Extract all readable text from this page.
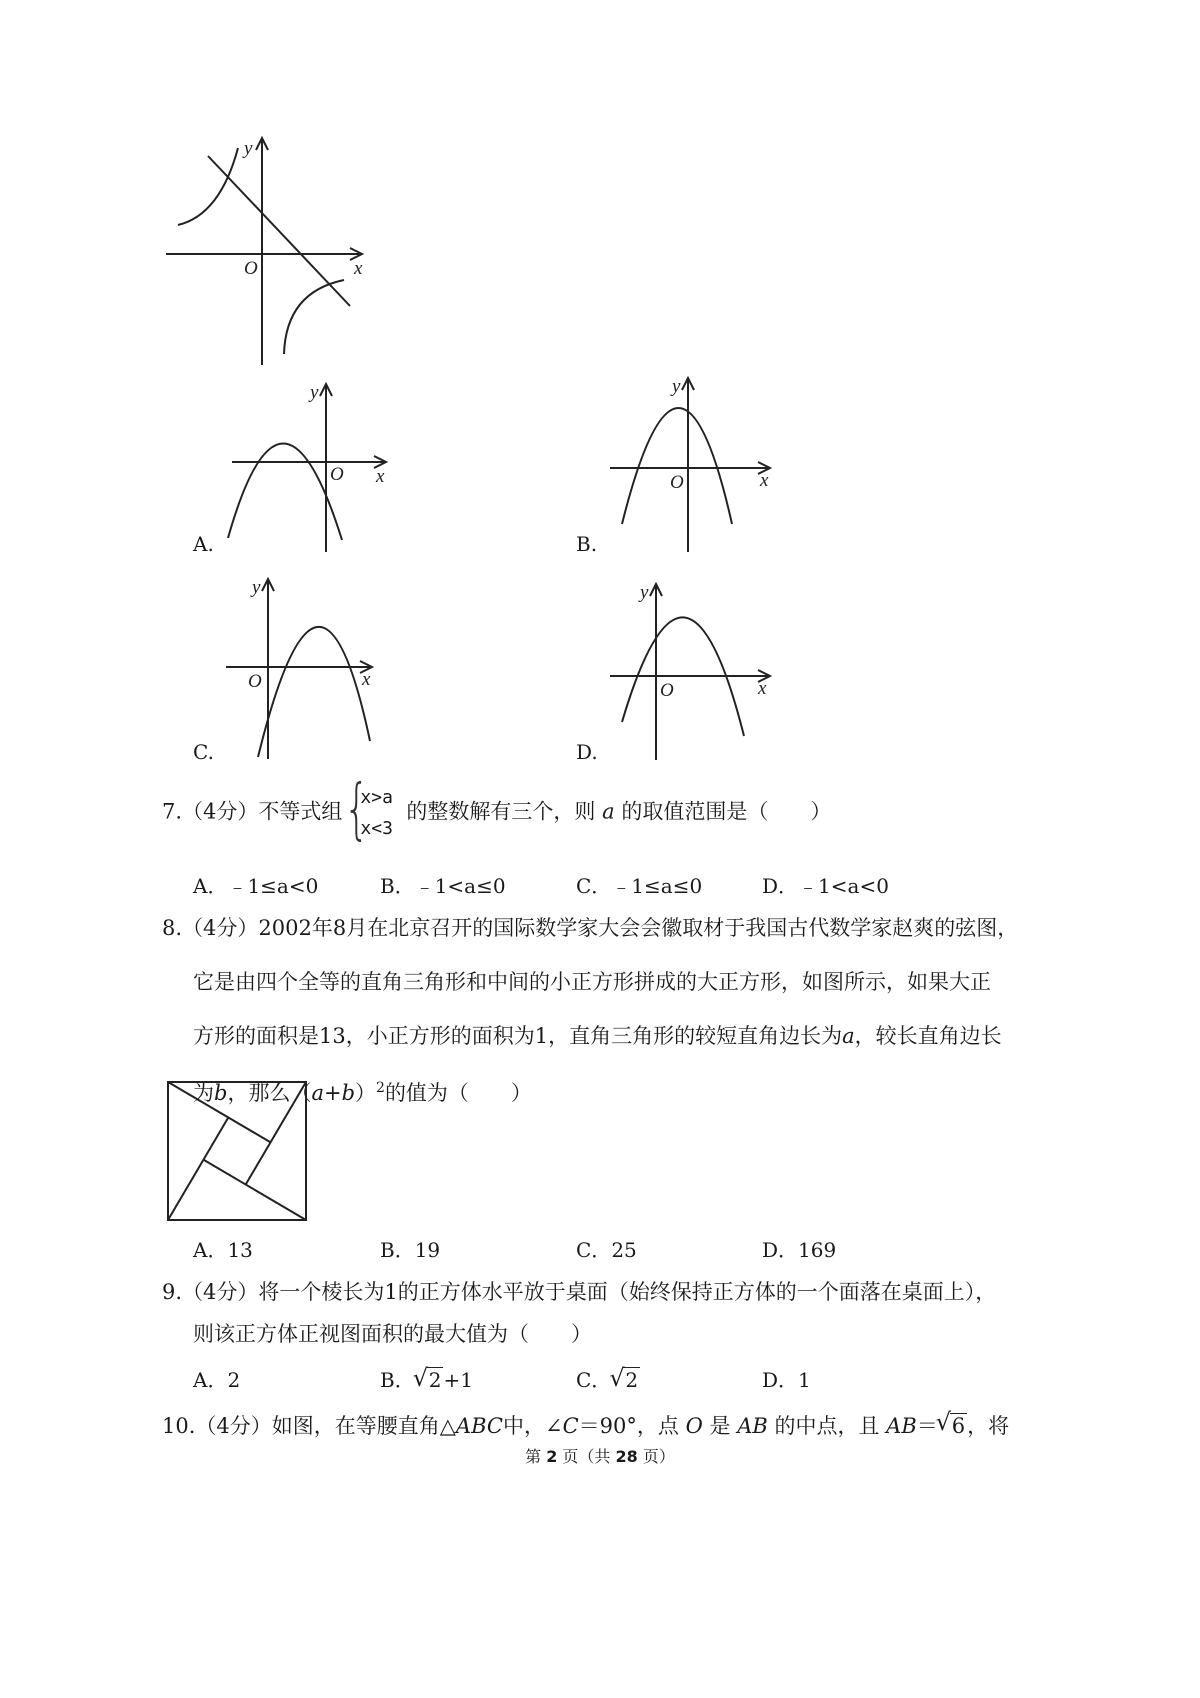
y
x
O
y
x
O
A.
y
x
O
B.
y
x
O
C.
y
x
O
D.
7.（4分）不等式组 {
x>a
x<3
的整数解有三个，则 a 的取值范围是（　　）
A．﹣1≤a<0	B．﹣1<a≤0	C．﹣1≤a≤0	D．﹣1<a<0
8.（4分）2002年8月在北京召开的国际数学家大会会徽取材于我国古代数学家赵爽的弦图，
它是由四个全等的直角三角形和中间的小正方形拼成的大正方形，如图所示，如果大正
方形的面积是13，小正方形的面积为1，直角三角形的较短直角边长为a，较长直角边长
为b，那么$(a+b)^2$的值为（　　）
A．13	B．19	C．25	D．169
9.（4分）将一个棱长为1的正方体水平放于桌面（始终保持正方体的一个面落在桌面上），
则该正方体正视图面积的最大值为（　　）
A．2	B． √ 2 +1	C． √ 2	D．1
10.（4分）如图，在等腰直角△ABC中，∠C＝90°，点 O 是 AB 的中点，且 AB＝ √ 6，将
第 2 页（共 28 页）
